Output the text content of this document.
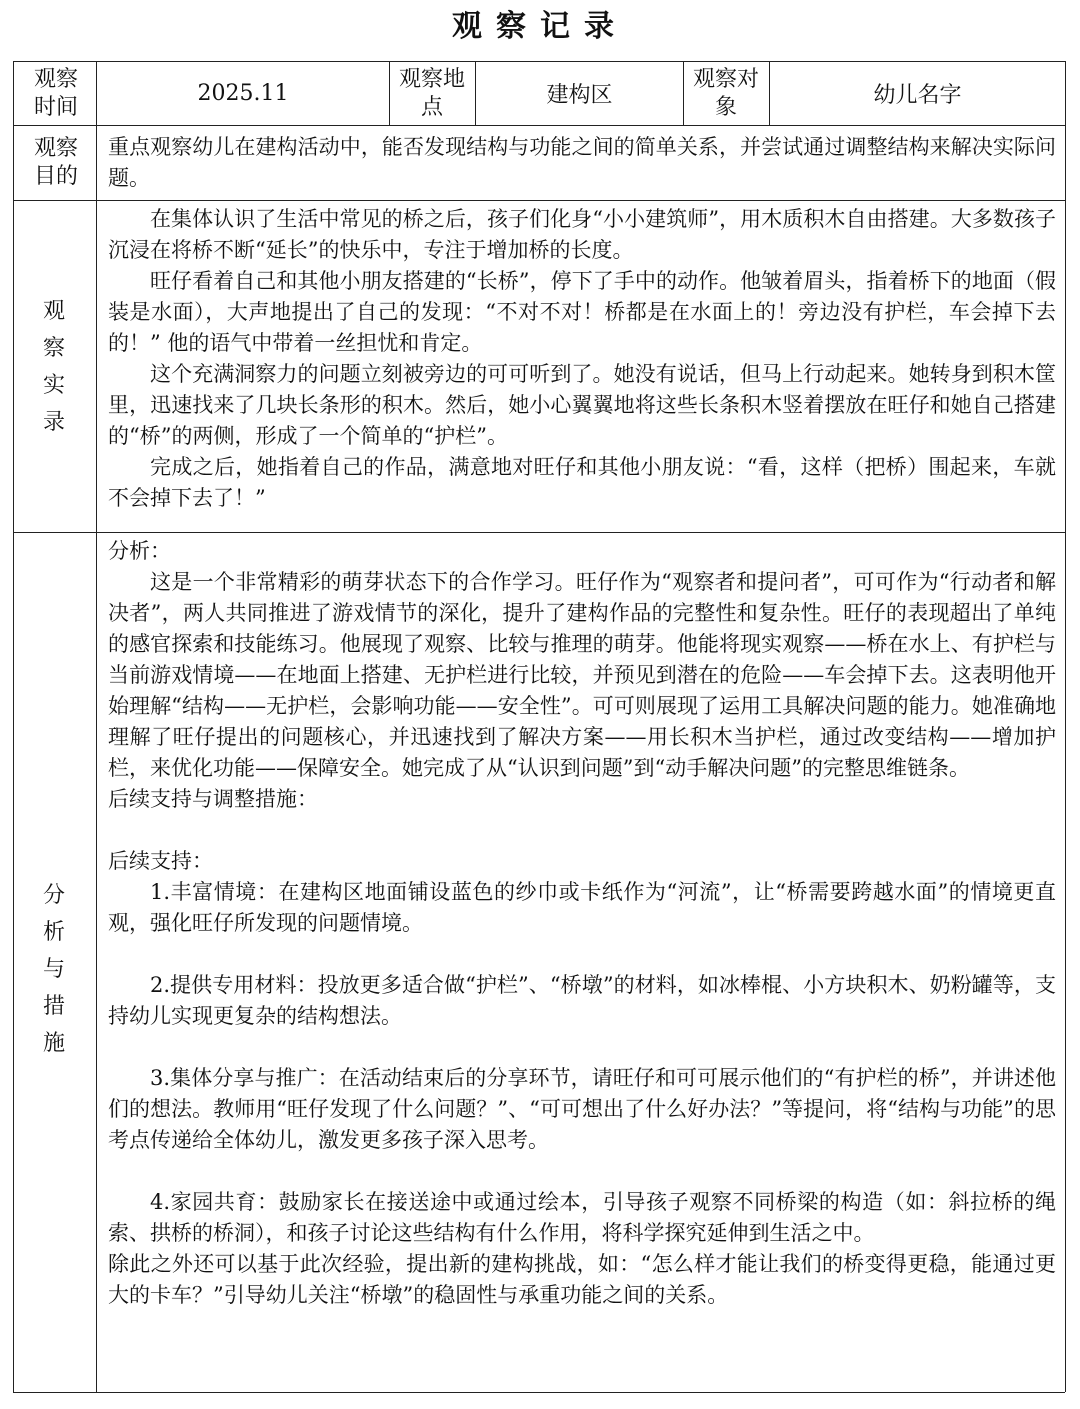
观察记录
观察时间
2025.11
观察地点	建构区
观察对象	幼儿名字
观察目的
重点观察幼儿在建构活动中，能否发现结构与功能之间的简单关系，并尝试通过调整结构来解决实际问题。
观察实录

在集体认识了生活中常见的桥之后，孩子们化身“小小建筑师”，用木质积木自由搭建。大多数孩子沉浸在将桥不断“延长”的快乐中，专注于增加桥的长度。

旺仔看着自己和其他小朋友搭建的“长桥”，停下了手中的动作。他皱着眉头，指着桥下的地面（假装是水面），大声地提出了自己的发现：“不对不对！桥都是在水面上的！旁边没有护栏，车会掉下去的！” 他的语气中带着一丝担忧和肯定。

这个充满洞察力的问题立刻被旁边的可可听到了。她没有说话，但马上行动起来。她转身到积木筐里，迅速找来了几块长条形的积木。然后，她小心翼翼地将这些长条积木竖着摆放在旺仔和她自己搭建的“桥”的两侧，形成了一个简单的“护栏”。

完成之后，她指着自己的作品，满意地对旺仔和其他小朋友说：“看，这样（把桥）围起来，车就不会掉下去了！”

分析与措施

分析：

这是一个非常精彩的萌芽状态下的合作学习。旺仔作为“观察者和提问者”，可可作为“行动者和解决者”，两人共同推进了游戏情节的深化，提升了建构作品的完整性和复杂性。旺仔的表现超出了单纯的感官探索和技能练习。他展现了观察、比较与推理的萌芽。他能将现实观察——桥在水上、有护栏与当前游戏情境——在地面上搭建、无护栏进行比较，并预见到潜在的危险——车会掉下去。这表明他开始理解“结构——无护栏，会影响功能——安全性”。可可则展现了运用工具解决问题的能力。她准确地理解了旺仔提出的问题核心，并迅速找到了解决方案——用长积木当护栏，通过改变结构——增加护栏，来优化功能——保障安全。她完成了从“认识到问题”到“动手解决问题”的完整思维链条。

后续支持与调整措施：

后续支持：

1.丰富情境：在建构区地面铺设蓝色的纱巾或卡纸作为“河流”，让“桥需要跨越水面”的情境更直观，强化旺仔所发现的问题情境。

2.提供专用材料：投放更多适合做“护栏”、“桥墩”的材料，如冰棒棍、小方块积木、奶粉罐等，支持幼儿实现更复杂的结构想法。

3.集体分享与推广：在活动结束后的分享环节，请旺仔和可可展示他们的“有护栏的桥”，并讲述他们的想法。教师用“旺仔发现了什么问题？”、“可可想出了什么好办法？”等提问，将“结构与功能”的思考点传递给全体幼儿，激发更多孩子深入思考。

4.家园共育：鼓励家长在接送途中或通过绘本，引导孩子观察不同桥梁的构造（如：斜拉桥的绳索、拱桥的桥洞），和孩子讨论这些结构有什么作用，将科学探究延伸到生活之中。

除此之外还可以基于此次经验，提出新的建构挑战，如：“怎么样才能让我们的桥变得更稳，能通过更大的卡车？”引导幼儿关注“桥墩”的稳固性与承重功能之间的关系。
